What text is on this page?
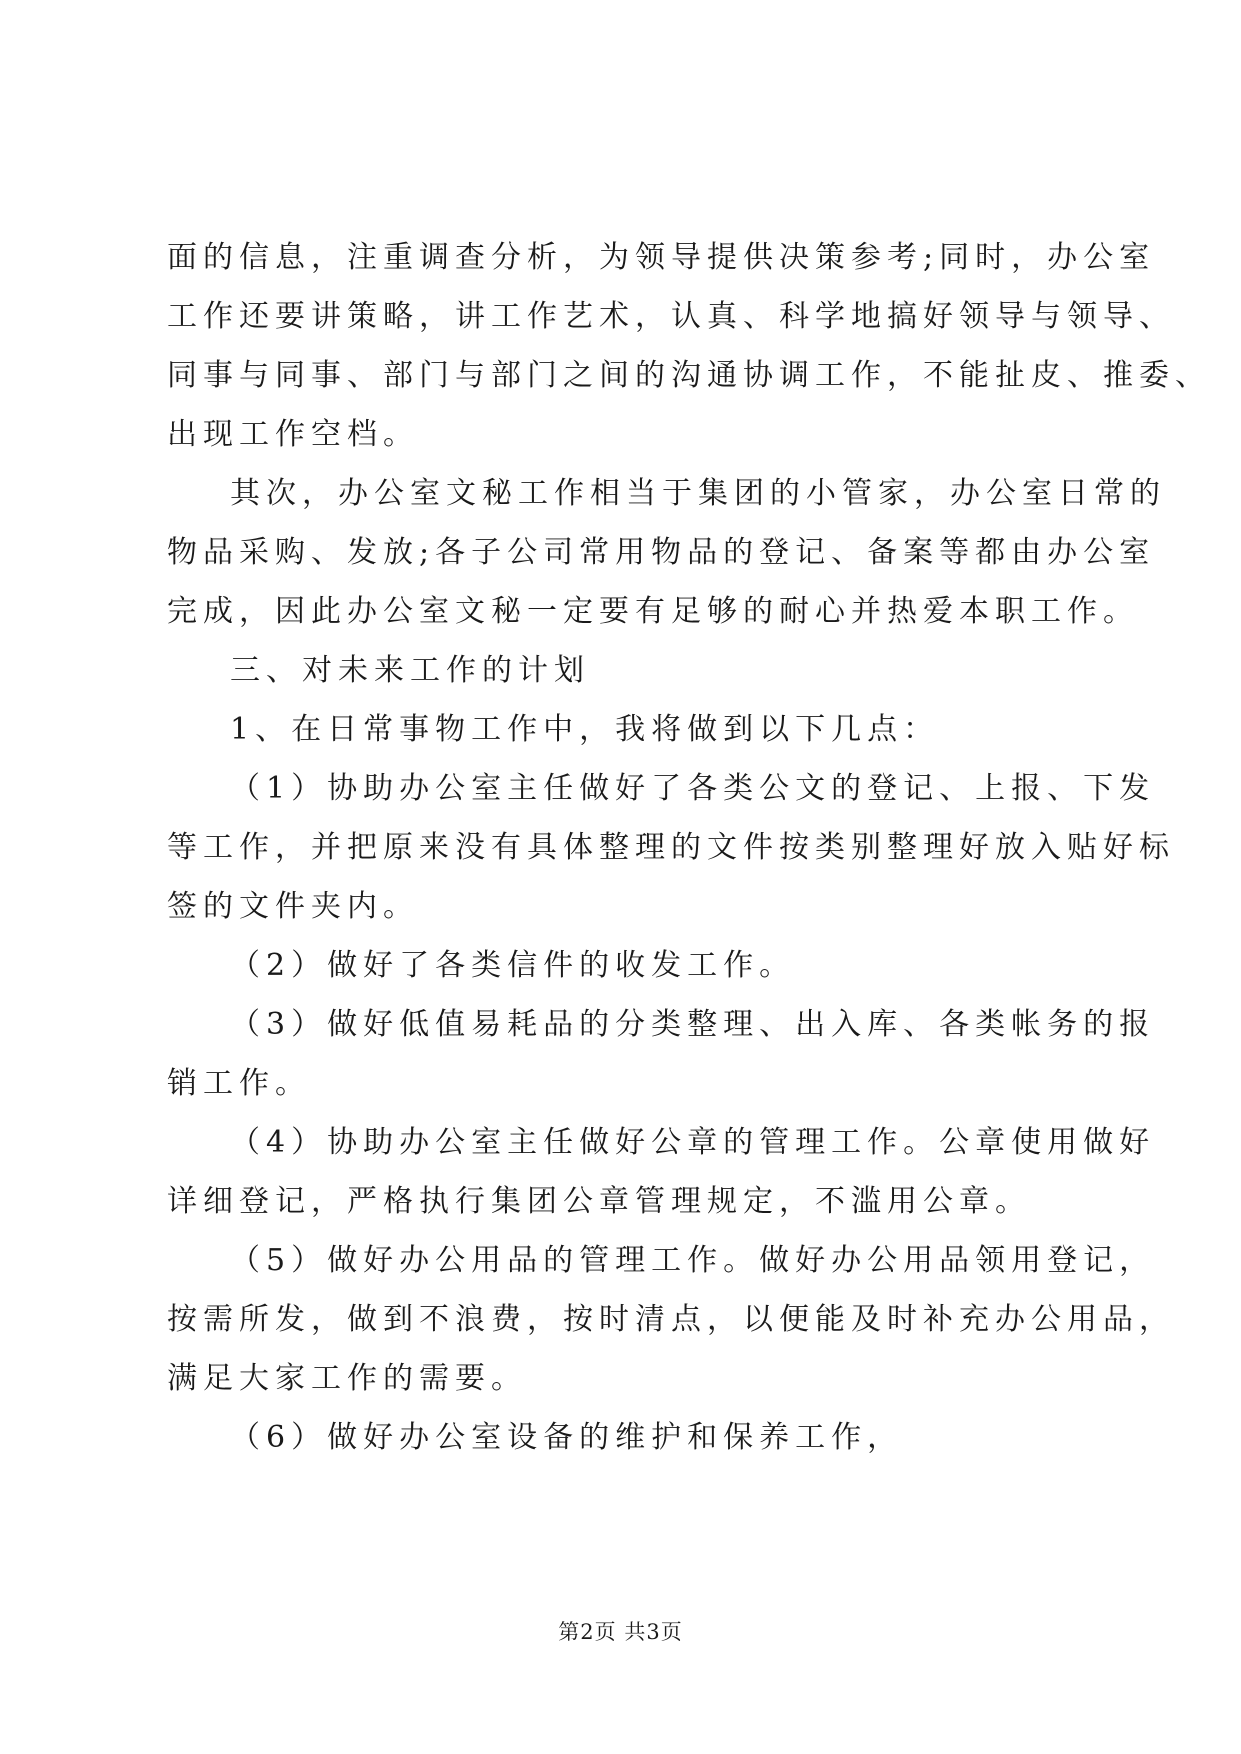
面的信息，注重调查分析，为领导提供决策参考;同时，办公室

工作还要讲策略，讲工作艺术，认真、科学地搞好领导与领导、

同事与同事、部门与部门之间的沟通协调工作，不能扯皮、推委、

出现工作空档。

其次，办公室文秘工作相当于集团的小管家，办公室日常的

物品采购、发放;各子公司常用物品的登记、备案等都由办公室

完成，因此办公室文秘一定要有足够的耐心并热爱本职工作。

三、对未来工作的计划

1、在日常事物工作中，我将做到以下几点：

（1）协助办公室主任做好了各类公文的登记、上报、下发

等工作，并把原来没有具体整理的文件按类别整理好放入贴好标

签的文件夹内。

（2）做好了各类信件的收发工作。

（3）做好低值易耗品的分类整理、出入库、各类帐务的报

销工作。

（4）协助办公室主任做好公章的管理工作。公章使用做好

详细登记，严格执行集团公章管理规定，不滥用公章。

（5）做好办公用品的管理工作。做好办公用品领用登记，

按需所发，做到不浪费，按时清点，以便能及时补充办公用品，

满足大家工作的需要。

（6）做好办公室设备的维护和保养工作，

第2页 共3页
